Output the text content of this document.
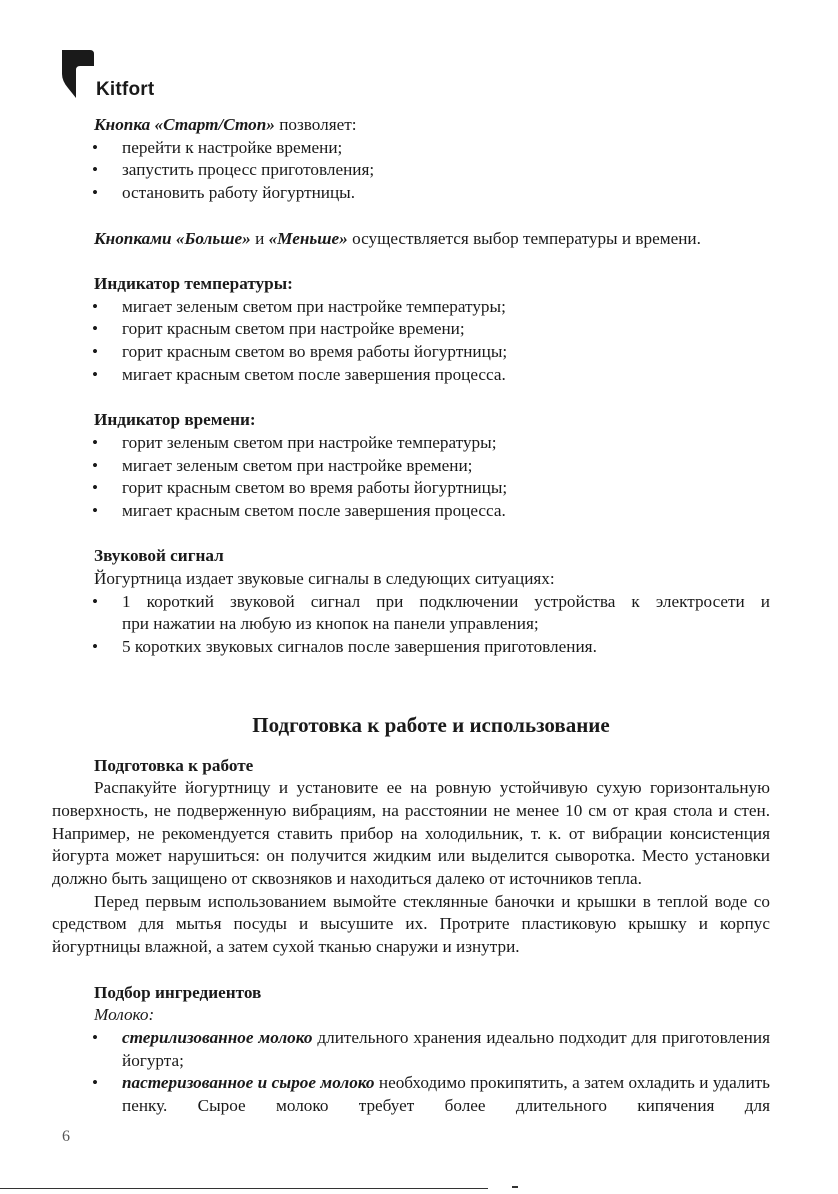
Kitfort

Кнопка «Старт/Стоп» позволяет:

• перейти к настройке времени;

• запустить процесс приготовления;

• остановить работу йогуртницы.

Кнопками «Больше» и «Меньше» осуществляется выбор температуры и времени.

Индикатор температуры:

• мигает зеленым светом при настройке температуры;

• горит красным светом при настройке времени;

• горит красным светом во время работы йогуртницы;

• мигает красным светом после завершения процесса.

Индикатор времени:

• горит зеленым светом при настройке температуры;

• мигает зеленым светом при настройке времени;

• горит красным светом во время работы йогуртницы;

• мигает красным светом после завершения процесса.

Звуковой сигнал

Йогуртница издает звуковые сигналы в следующих ситуациях:

• 1 короткий звуковой сигнал при подключении устройства к электросети и

при нажатии на любую из кнопок на панели управления;

• 5 коротких звуковых сигналов после завершения приготовления.

Подготовка к работе и использование

Подготовка к работе

Распакуйте йогуртницу и установите ее на ровную устойчивую сухую горизонтальную поверхность, не подверженную вибрациям, на расстоянии не менее 10 см от края стола и стен. Например, не рекомендуется ставить прибор на холодильник, т. к. от вибрации консистенция йогурта может нарушиться: он получится жидким или выделится сыворотка. Место установки должно быть защищено от сквозняков и находиться далеко от источников тепла.

Перед первым использованием вымойте стеклянные баночки и крышки в теплой воде со средством для мытья посуды и высушите их. Протрите пластиковую крышку и корпус йогуртницы влажной, а затем сухой тканью снаружи и изнутри.

Подбор ингредиентов

Молоко:

• стерилизованное молоко длительного хранения идеально подходит для приготовления йогурта;

• пастеризованное и сырое молоко необходимо прокипятить, а затем охладить и удалить пенку. Сырое молоко требует более длительного кипячения для

6
